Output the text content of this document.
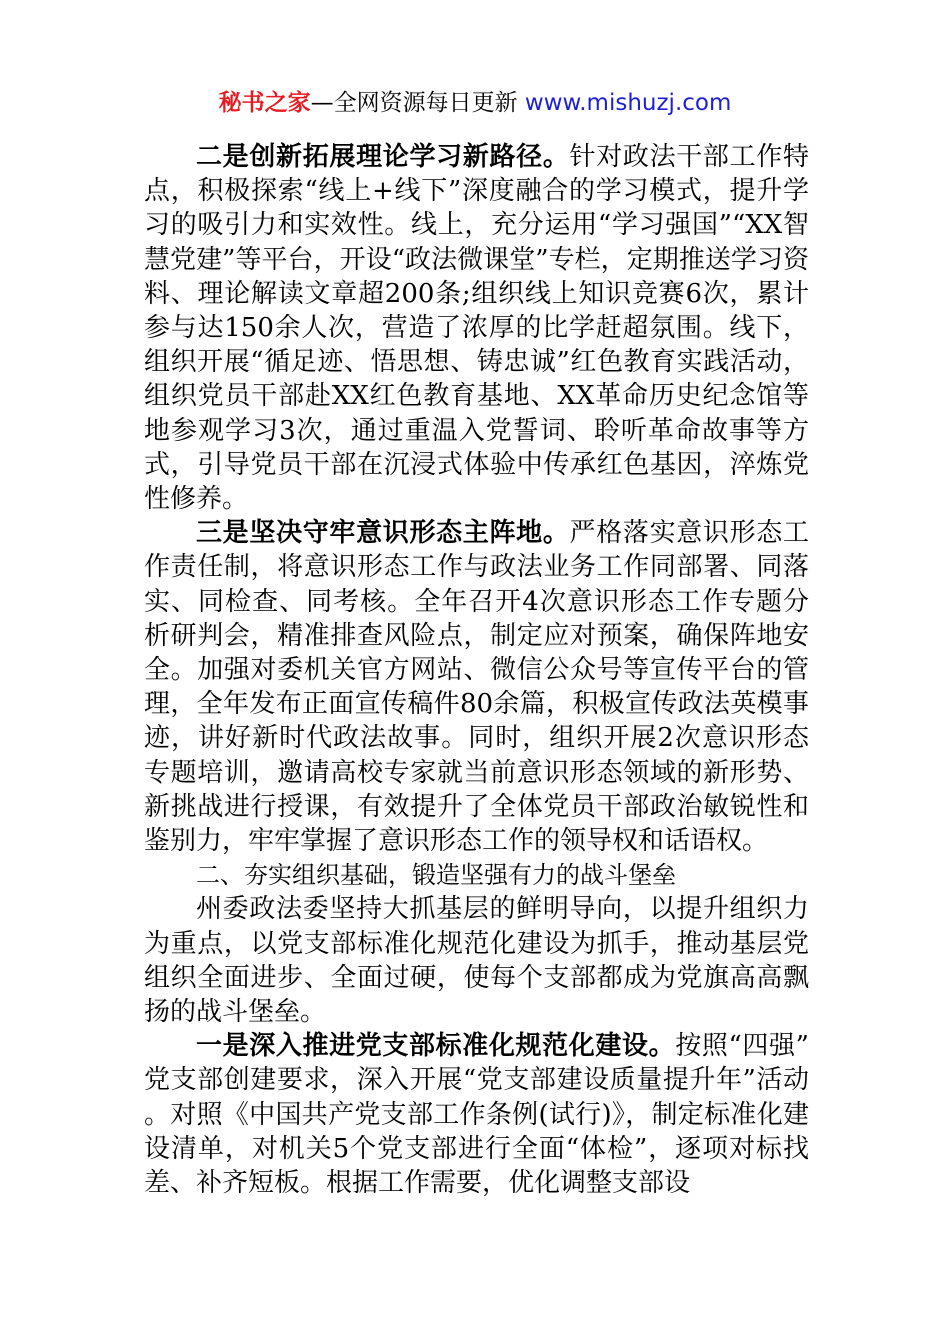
秘书之家—全网资源每日更新 www.mishuzj.com

二是创新拓展理论学习新路径。针对政法干部工作特点，积极探索“线上+线下”深度融合的学习模式，提升学习的吸引力和实效性。线上，充分运用“学习强国”“XX智慧党建”等平台，开设“政法微课堂”专栏，定期推送学习资料、理论解读文章超200条;组织线上知识竞赛6次，累计参与达150余人次，营造了浓厚的比学赶超氛围。线下，组织开展“循足迹、悟思想、铸忠诚”红色教育实践活动，组织党员干部赴XX红色教育基地、XX革命历史纪念馆等地参观学习3次，通过重温入党誓词、聆听革命故事等方式，引导党员干部在沉浸式体验中传承红色基因，淬炼党性修养。

三是坚决守牢意识形态主阵地。严格落实意识形态工作责任制，将意识形态工作与政法业务工作同部署、同落实、同检查、同考核。全年召开4次意识形态工作专题分析研判会，精准排查风险点，制定应对预案，确保阵地安全。加强对委机关官方网站、微信公众号等宣传平台的管理，全年发布正面宣传稿件80余篇，积极宣传政法英模事迹，讲好新时代政法故事。同时，组织开展2次意识形态专题培训，邀请高校专家就当前意识形态领域的新形势、新挑战进行授课，有效提升了全体党员干部政治敏锐性和鉴别力，牢牢掌握了意识形态工作的领导权和话语权。

二、夯实组织基础，锻造坚强有力的战斗堡垒

州委政法委坚持大抓基层的鲜明导向，以提升组织力为重点，以党支部标准化规范化建设为抓手，推动基层党组织全面进步、全面过硬，使每个支部都成为党旗高高飘扬的战斗堡垒。

一是深入推进党支部标准化规范化建设。按照“四强”党支部创建要求，深入开展“党支部建设质量提升年”活动。对照《中国共产党支部工作条例(试行)》，制定标准化建设清单，对机关5个党支部进行全面“体检”，逐项对标找差、补齐短板。根据工作需要，优化调整支部设
